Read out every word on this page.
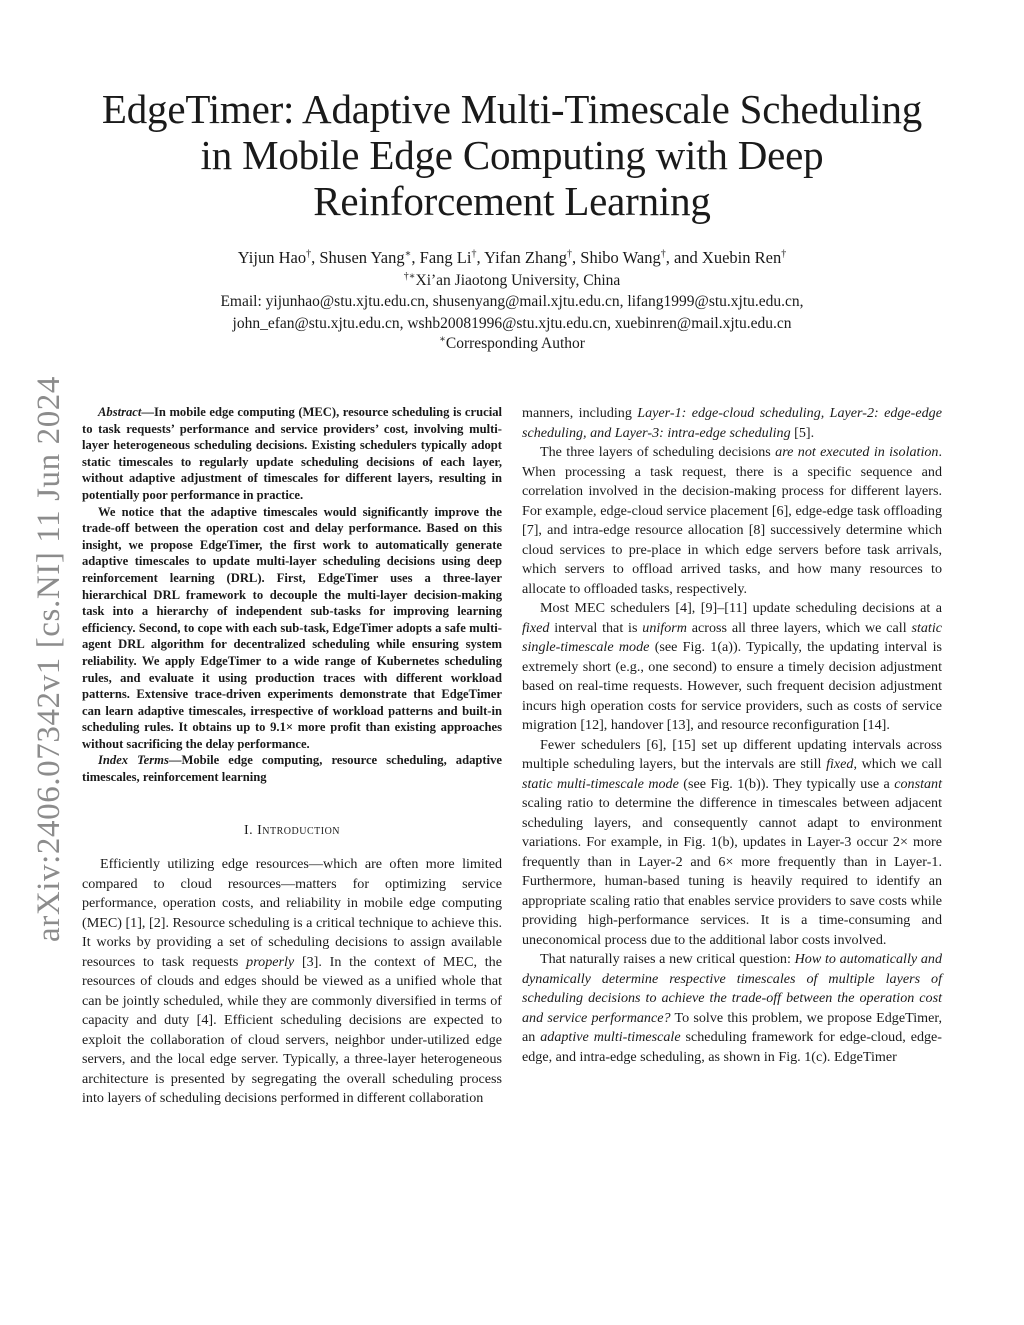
arXiv:2406.07342v1 [cs.NI] 11 Jun 2024
EdgeTimer: Adaptive Multi-Timescale Scheduling
in Mobile Edge Computing with Deep
Reinforcement Learning
Yijun Hao†, Shusen Yang∗, Fang Li†, Yifan Zhang†, Shibo Wang†, and Xuebin Ren†
†∗Xi’an Jiaotong University, China
Email: yijunhao@stu.xjtu.edu.cn, shusenyang@mail.xjtu.edu.cn, lifang1999@stu.xjtu.edu.cn,
john_efan@stu.xjtu.edu.cn, wshb20081996@stu.xjtu.edu.cn, xuebinren@mail.xjtu.edu.cn
∗Corresponding Author

Abstract—In mobile edge computing (MEC), resource scheduling is crucial to task requests’ performance and service providers’ cost, involving multi-layer heterogeneous scheduling decisions. Existing schedulers typically adopt static timescales to regularly update scheduling decisions of each layer, without adaptive adjustment of timescales for different layers, resulting in potentially poor performance in practice.

We notice that the adaptive timescales would significantly improve the trade-off between the operation cost and delay performance. Based on this insight, we propose EdgeTimer, the first work to automatically generate adaptive timescales to update multi-layer scheduling decisions using deep reinforcement learning (DRL). First, EdgeTimer uses a three-layer hierarchical DRL framework to decouple the multi-layer decision-making task into a hierarchy of independent sub-tasks for improving learning efficiency. Second, to cope with each sub-task, EdgeTimer adopts a safe multi-agent DRL algorithm for decentralized scheduling while ensuring system reliability. We apply EdgeTimer to a wide range of Kubernetes scheduling rules, and evaluate it using production traces with different workload patterns. Extensive trace-driven experiments demonstrate that EdgeTimer can learn adaptive timescales, irrespective of workload patterns and built-in scheduling rules. It obtains up to 9.1× more profit than existing approaches without sacrificing the delay performance.

Index Terms—Mobile edge computing, resource scheduling, adaptive timescales, reinforcement learning

I. Introduction

Efficiently utilizing edge resources—which are often more limited compared to cloud resources—matters for optimizing service performance, operation costs, and reliability in mobile edge computing (MEC) [1], [2]. Resource scheduling is a critical technique to achieve this. It works by providing a set of scheduling decisions to assign available resources to task requests properly [3]. In the context of MEC, the resources of clouds and edges should be viewed as a unified whole that can be jointly scheduled, while they are commonly diversified in terms of capacity and duty [4]. Efficient scheduling decisions are expected to exploit the collaboration of cloud servers, neighbor under-utilized edge servers, and the local edge server. Typically, a three-layer heterogeneous architecture is presented by segregating the overall scheduling process into layers of scheduling decisions performed in different collaboration

manners, including Layer-1: edge-cloud scheduling, Layer-2: edge-edge scheduling, and Layer-3: intra-edge scheduling [5].

The three layers of scheduling decisions are not executed in isolation. When processing a task request, there is a specific sequence and correlation involved in the decision-making process for different layers. For example, edge-cloud service placement [6], edge-edge task offloading [7], and intra-edge resource allocation [8] successively determine which cloud services to pre-place in which edge servers before task arrivals, which servers to offload arrived tasks, and how many resources to allocate to offloaded tasks, respectively.

Most MEC schedulers [4], [9]–[11] update scheduling decisions at a fixed interval that is uniform across all three layers, which we call static single-timescale mode (see Fig. 1(a)). Typically, the updating interval is extremely short (e.g., one second) to ensure a timely decision adjustment based on real-time requests. However, such frequent decision adjustment incurs high operation costs for service providers, such as costs of service migration [12], handover [13], and resource reconfiguration [14].

Fewer schedulers [6], [15] set up different updating intervals across multiple scheduling layers, but the intervals are still fixed, which we call static multi-timescale mode (see Fig. 1(b)). They typically use a constant scaling ratio to determine the difference in timescales between adjacent scheduling layers, and consequently cannot adapt to environment variations. For example, in Fig. 1(b), updates in Layer-3 occur 2× more frequently than in Layer-2 and 6× more frequently than in Layer-1. Furthermore, human-based tuning is heavily required to identify an appropriate scaling ratio that enables service providers to save costs while providing high-performance services. It is a time-consuming and uneconomical process due to the additional labor costs involved.

That naturally raises a new critical question: How to automatically and dynamically determine respective timescales of multiple layers of scheduling decisions to achieve the trade-off between the operation cost and service performance? To solve this problem, we propose EdgeTimer, an adaptive multi-timescale scheduling framework for edge-cloud, edge-edge, and intra-edge scheduling, as shown in Fig. 1(c). EdgeTimer
